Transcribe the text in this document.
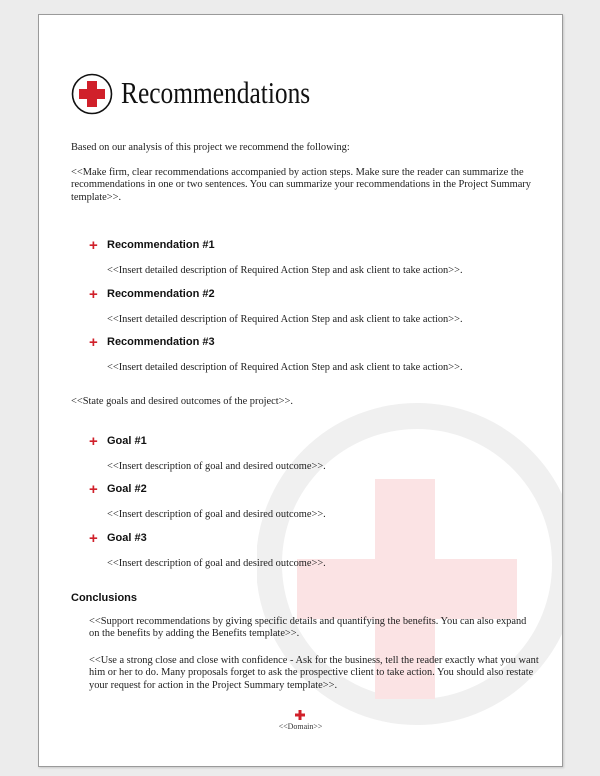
Recommendations
Based on our analysis of this project we recommend the following:
<<Make firm, clear recommendations accompanied by action steps. Make sure the reader can summarize the recommendations in one or two sentences. You can summarize your recommendations in the Project Summary template>>.
+ Recommendation #1
<<Insert detailed description of Required Action Step and ask client to take action>>.
+ Recommendation #2
<<Insert detailed description of Required Action Step and ask client to take action>>.
+ Recommendation #3
<<Insert detailed description of Required Action Step and ask client to take action>>.
<<State goals and desired outcomes of the project>>.
+ Goal #1
<<Insert description of goal and desired outcome>>.
+ Goal #2
<<Insert description of goal and desired outcome>>.
+ Goal #3
<<Insert description of goal and desired outcome>>.
Conclusions
<<Support recommendations by giving specific details and quantifying the benefits. You can also expand on the benefits by adding the Benefits template>>.
<<Use a strong close and close with confidence - Ask for the business, tell the reader exactly what you want him or her to do. Many proposals forget to ask the prospective client to take action. You should also restate your request for action in the Project Summary template>>.
<<Domain>>
